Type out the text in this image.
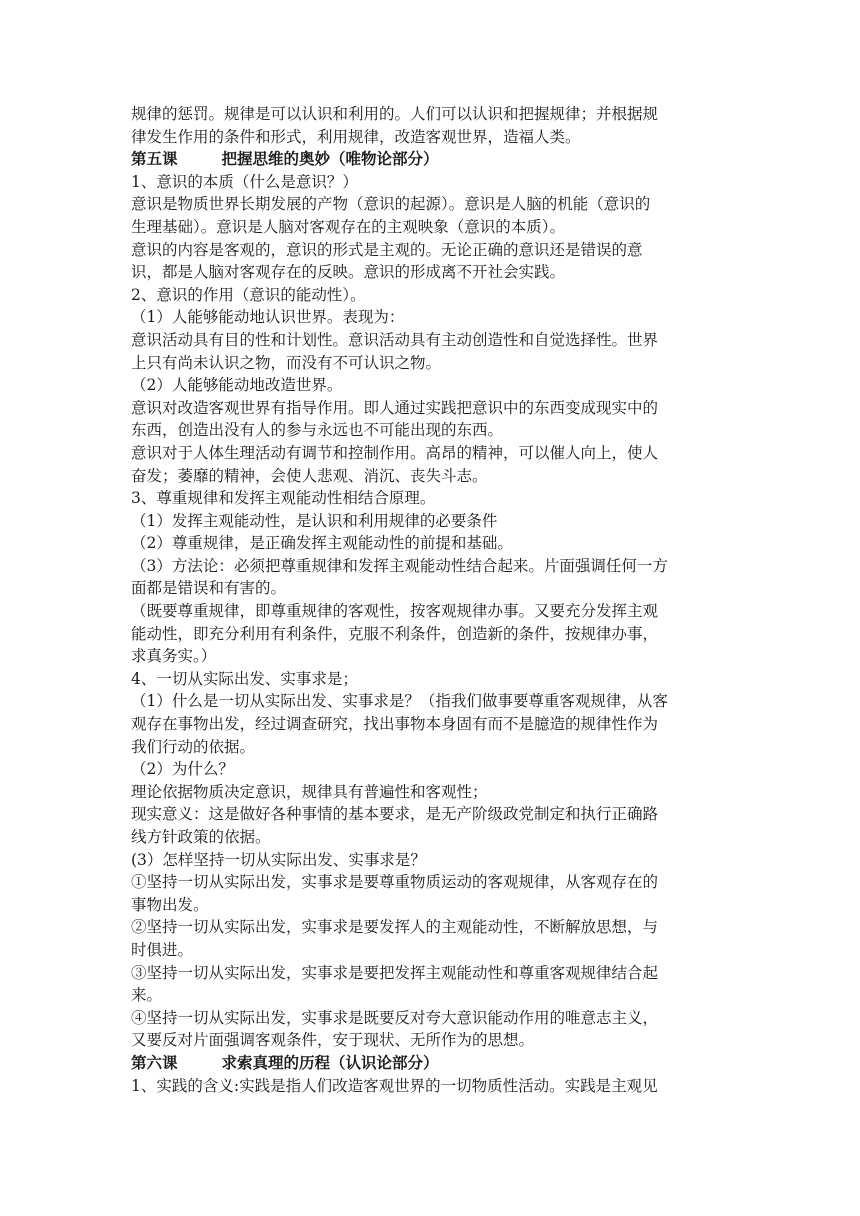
规律的惩罚。规律是可以认识和利用的。人们可以认识和把握规律；并根据规
律发生作用的条件和形式，利用规律，改造客观世界，造福人类。
第五课	把握思维的奥妙（唯物论部分）
1、意识的本质（什么是意识？）
意识是物质世界长期发展的产物（意识的起源）。意识是人脑的机能（意识的
生理基础）。意识是人脑对客观存在的主观映象（意识的本质）。
意识的内容是客观的，意识的形式是主观的。无论正确的意识还是错误的意
识，都是人脑对客观存在的反映。意识的形成离不开社会实践。
2、意识的作用（意识的能动性）。
（1）人能够能动地认识世界。表现为：
意识活动具有目的性和计划性。意识活动具有主动创造性和自觉选择性。世界
上只有尚未认识之物，而没有不可认识之物。
（2）人能够能动地改造世界。
意识对改造客观世界有指导作用。即人通过实践把意识中的东西变成现实中的
东西，创造出没有人的参与永远也不可能出现的东西。
意识对于人体生理活动有调节和控制作用。高昂的精神，可以催人向上，使人
奋发；萎靡的精神，会使人悲观、消沉、丧失斗志。
3、尊重规律和发挥主观能动性相结合原理。
（1）发挥主观能动性，是认识和利用规律的必要条件
（2）尊重规律，是正确发挥主观能动性的前提和基础。
（3）方法论：必须把尊重规律和发挥主观能动性结合起来。片面强调任何一方
面都是错误和有害的。
（既要尊重规律，即尊重规律的客观性，按客观规律办事。又要充分发挥主观
能动性，即充分利用有利条件，克服不利条件，创造新的条件，按规律办事，
求真务实。）
4、一切从实际出发、实事求是；
（1）什么是一切从实际出发、实事求是？（指我们做事要尊重客观规律，从客
观存在事物出发，经过调查研究，找出事物本身固有而不是臆造的规律性作为
我们行动的依据。
（2）为什么？
理论依据物质决定意识，规律具有普遍性和客观性；
现实意义：这是做好各种事情的基本要求，是无产阶级政党制定和执行正确路
线方针政策的依据。
(3）怎样坚持一切从实际出发、实事求是？
①坚持一切从实际出发，实事求是要尊重物质运动的客观规律，从客观存在的
事物出发。
②坚持一切从实际出发，实事求是要发挥人的主观能动性，不断解放思想，与
时俱进。
③坚持一切从实际出发，实事求是要把发挥主观能动性和尊重客观规律结合起
来。
④坚持一切从实际出发，实事求是既要反对夸大意识能动作用的唯意志主义，
又要反对片面强调客观条件，安于现状、无所作为的思想。
第六课	求索真理的历程（认识论部分）
1、实践的含义:实践是指人们改造客观世界的一切物质性活动。实践是主观见
